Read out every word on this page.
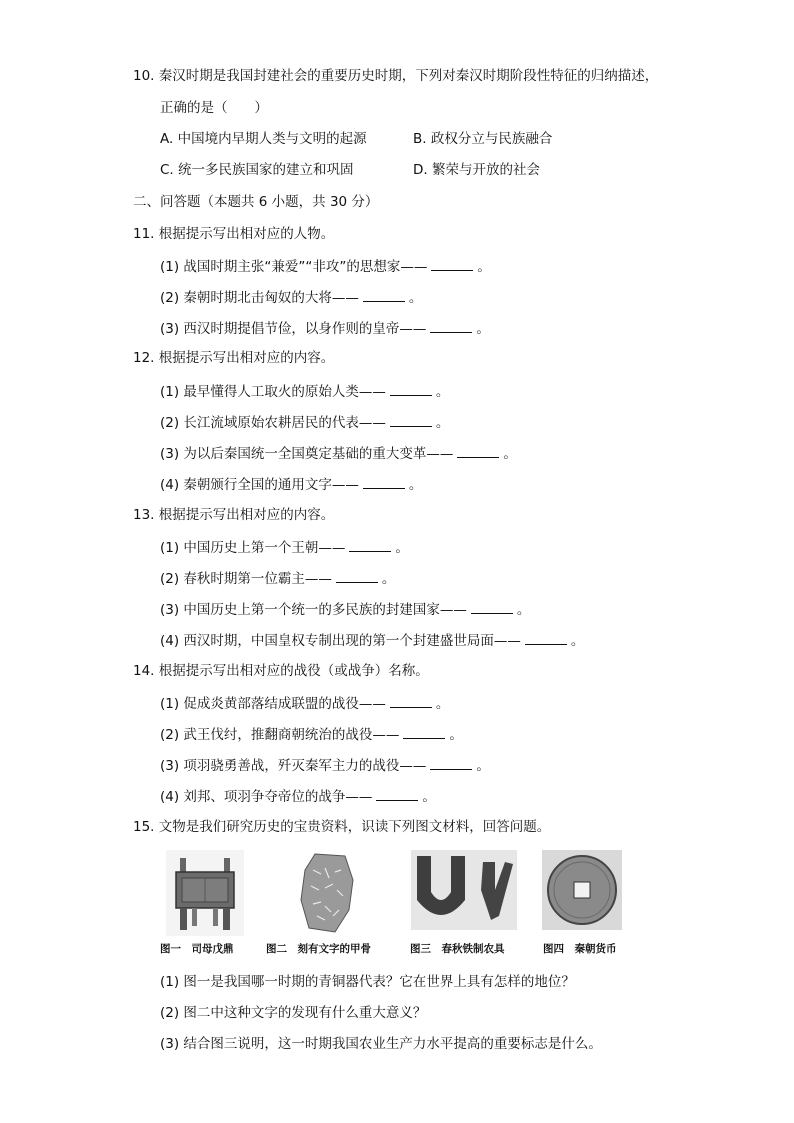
10. 秦汉时期是我国封建社会的重要历史时期，下列对秦汉时期阶段性特征的归纳描述，
正确的是（　　）
A. 中国境内早期人类与文明的起源	B. 政权分立与民族融合
C. 统一多民族国家的建立和巩固	D. 繁荣与开放的社会
二、问答题（本题共 6 小题，共 30 分）
11. 根据提示写出相对应的人物。
(1) 战国时期主张“兼爱”“非攻”的思想家——	。
(2) 秦朝时期北击匈奴的大将——	。
(3) 西汉时期提倡节俭，以身作则的皇帝——	。
12. 根据提示写出相对应的内容。
(1) 最早懂得人工取火的原始人类——	。
(2) 长江流域原始农耕居民的代表——	。
(3) 为以后秦国统一全国奠定基础的重大变革——	。
(4) 秦朝颁行全国的通用文字——	。
13. 根据提示写出相对应的内容。
(1) 中国历史上第一个王朝——	。
(2) 春秋时期第一位霸主——	。
(3) 中国历史上第一个统一的多民族的封建国家——	。
(4) 西汉时期，中国皇权专制出现的第一个封建盛世局面——	。
14. 根据提示写出相对应的战役（或战争）名称。
(1) 促成炎黄部落结成联盟的战役——	。
(2) 武王伐纣，推翻商朝统治的战役——	。
(3) 项羽骁勇善战，歼灭秦军主力的战役——	。
(4) 刘邦、项羽争夺帝位的战争——	。
15. 文物是我们研究历史的宝贵资料，识读下列图文材料，回答问题。
图一　司母戊鼎	图二　刻有文字的甲骨	图三　春秋铁制农具	图四　秦朝货币
(1) 图一是我国哪一时期的青铜器代表？它在世界上具有怎样的地位？
(2) 图二中这种文字的发现有什么重大意义？
(3) 结合图三说明，这一时期我国农业生产力水平提高的重要标志是什么。
